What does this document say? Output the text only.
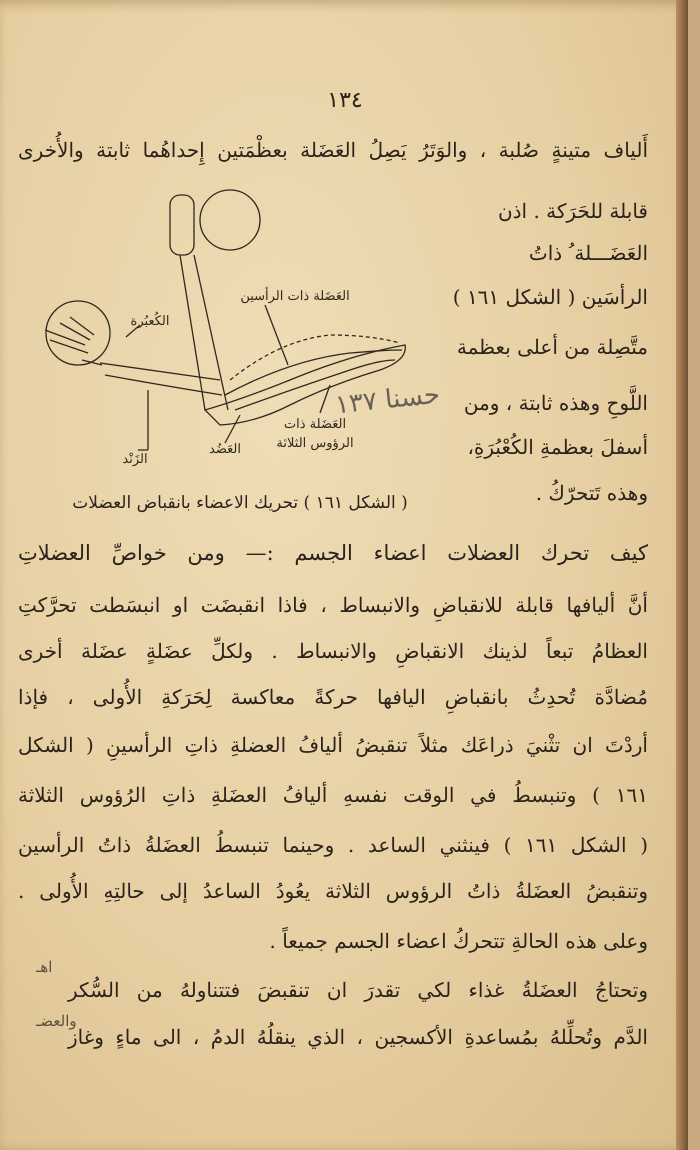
١٣٤
أَلياف متينةٍ صُلبة ، والوَتَرُ يَصِلُ العَضَلة بعظْمَتين إِحداهُما ثابتة والأُخرى
قابلة للحَرَكة . اذن
العَضَـــلة ُ ذاتُ
الرأسَين ( الشكل ١٦١ )
متَّصِلة من أعلى بعظمة
اللَّوحِ وهذه ثابتة ، ومن
أسفلَ بعظمةِ الكُعْبُرَةِ،
وهذه تَتحرّكُ .
العَضَلة ذات الرأسين
الكُعبُرة
العَضُد
الزَنْد
العَضَلة ذات
الرؤوس الثلاثة
حسنا ١٣٧
( الشكل ١٦١ ) تحريك الاعضاء بانقباض العضلات
كيف تحرك العضلات اعضاء الجسم :— ومن خواصِّ العضلاتِ
أنَّ أليافها قابلة للانقباضِ والانبساط ، فاذا انقبضَت او انبسَطت تحرَّكتِ
العظامُ تبعاً لذينك الانقباضِ والانبساط . ولكلِّ عضَلةٍ عضَلة أخرى
مُضادَّة تُحدِثُ بانقباضِ اليافها حركةً معاكسة لِحَرَكةِ الأُولى ، فإذا
أردْتَ ان تثْنيَ ذراعَك مثلاً تنقبضُ أليافُ العضلةِ ذاتِ الرأسينِ ( الشكل
١٦١ ) وتنبسطُ في الوقت نفسهِ أليافُ العضَلةِ ذاتِ الرُؤوس الثلاثة
( الشكل ١٦١ ) فينثني الساعد . وحينما تنبسطُ العضَلةُ ذاتُ الرأسين
وتنقبضُ العضَلةُ ذاتُ الرؤوس الثلاثة يعُودُ الساعدُ إلى حالتِهِ الأُولى .
وعلى هذه الحالةِ تتحركُ اعضاء الجسم جميعاً .
وتحتاجُ العضَلةُ غذاء لكي تقدرَ ان تنقبضَ فتتناولهُ من السُّكر
الدَّم وتُحلِّلهُ بمُساعدةِ الأكسجين ، الذي ينقلُهُ الدمُ ، الى ماءٍ وغاز
اهـ
والعضـ
